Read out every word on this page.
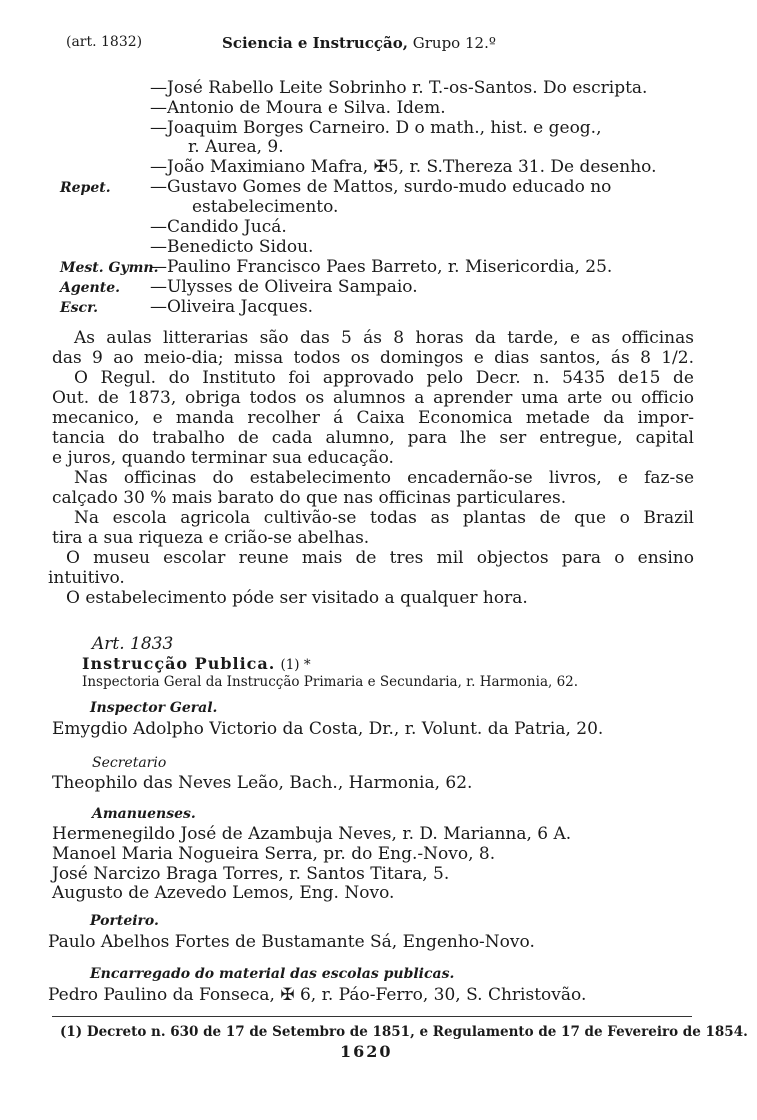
(art. 1832)	Sciencia e Instrucção, Grupo 12.º
—José Rabello Leite Sobrinho r. T.-os-Santos. Do escripta.
—Antonio de Moura e Silva. Idem.
—Joaquim Borges Carneiro. D o math., hist. e geog.,
r. Aurea, 9.
—João Maximiano Mafra, ✠5, r. S.Thereza 31. De desenho.
Repet. —Gustavo Gomes de Mattos, surdo-mudo educado no
estabelecimento.
—Candido Jucá.
—Benedicto Sidou.
Mest. Gymn.
—Paulino Francisco Paes Barreto, r. Misericordia, 25.
Agente. —Ulysses de Oliveira Sampaio.
Escr.	—Oliveira Jacques.
As aulas litterarias são das 5 ás 8 horas da tarde, e as officinas
das 9 ao meio-dia; missa todos os domingos e dias santos, ás 8 1/2.
O Regul. do Instituto foi approvado pelo Decr. n. 5435 de15 de
Out. de 1873, obriga todos os alumnos a aprender uma arte ou officio
mecanico, e manda recolher á Caixa Economica metade da impor-
tancia do trabalho de cada alumno, para lhe ser entregue, capital
e juros, quando terminar sua educação.
Nas officinas do estabelecimento encadernão-se livros, e faz-se
calçado 30 % mais barato do que nas officinas particulares.
Na escola agricola cultivão-se todas as plantas de que o Brazil
tira a sua riqueza e crião-se abelhas.
O museu escolar reune mais de tres mil objectos para o ensino
intuitivo.
O estabelecimento póde ser visitado a qualquer hora.
Art. 1833
Instrucção Publica. (1) *
Inspectoria Geral da Instrucção Primaria e Secundaria, r. Harmonia, 62.
Inspector Geral.
Emygdio Adolpho Victorio da Costa, Dr., r. Volunt. da Patria, 20.
Secretario
Theophilo das Neves Leão, Bach., Harmonia, 62.
Amanuenses.
Hermenegildo José de Azambuja Neves, r. D. Marianna, 6 A.
Manoel Maria Nogueira Serra, pr. do Eng.-Novo, 8.
José Narcizo Braga Torres, r. Santos Titara, 5.
Augusto de Azevedo Lemos, Eng. Novo.
Porteiro.
Paulo Abelhos Fortes de Bustamante Sá, Engenho-Novo.
Encarregado do material das escolas publicas.
Pedro Paulino da Fonseca, ✠ 6, r. Páo-Ferro, 30, S. Christovão.
(1) Decreto n. 630 de 17 de Setembro de 1851, e Regulamento de 17 de Fevereiro de 1854.
1620
